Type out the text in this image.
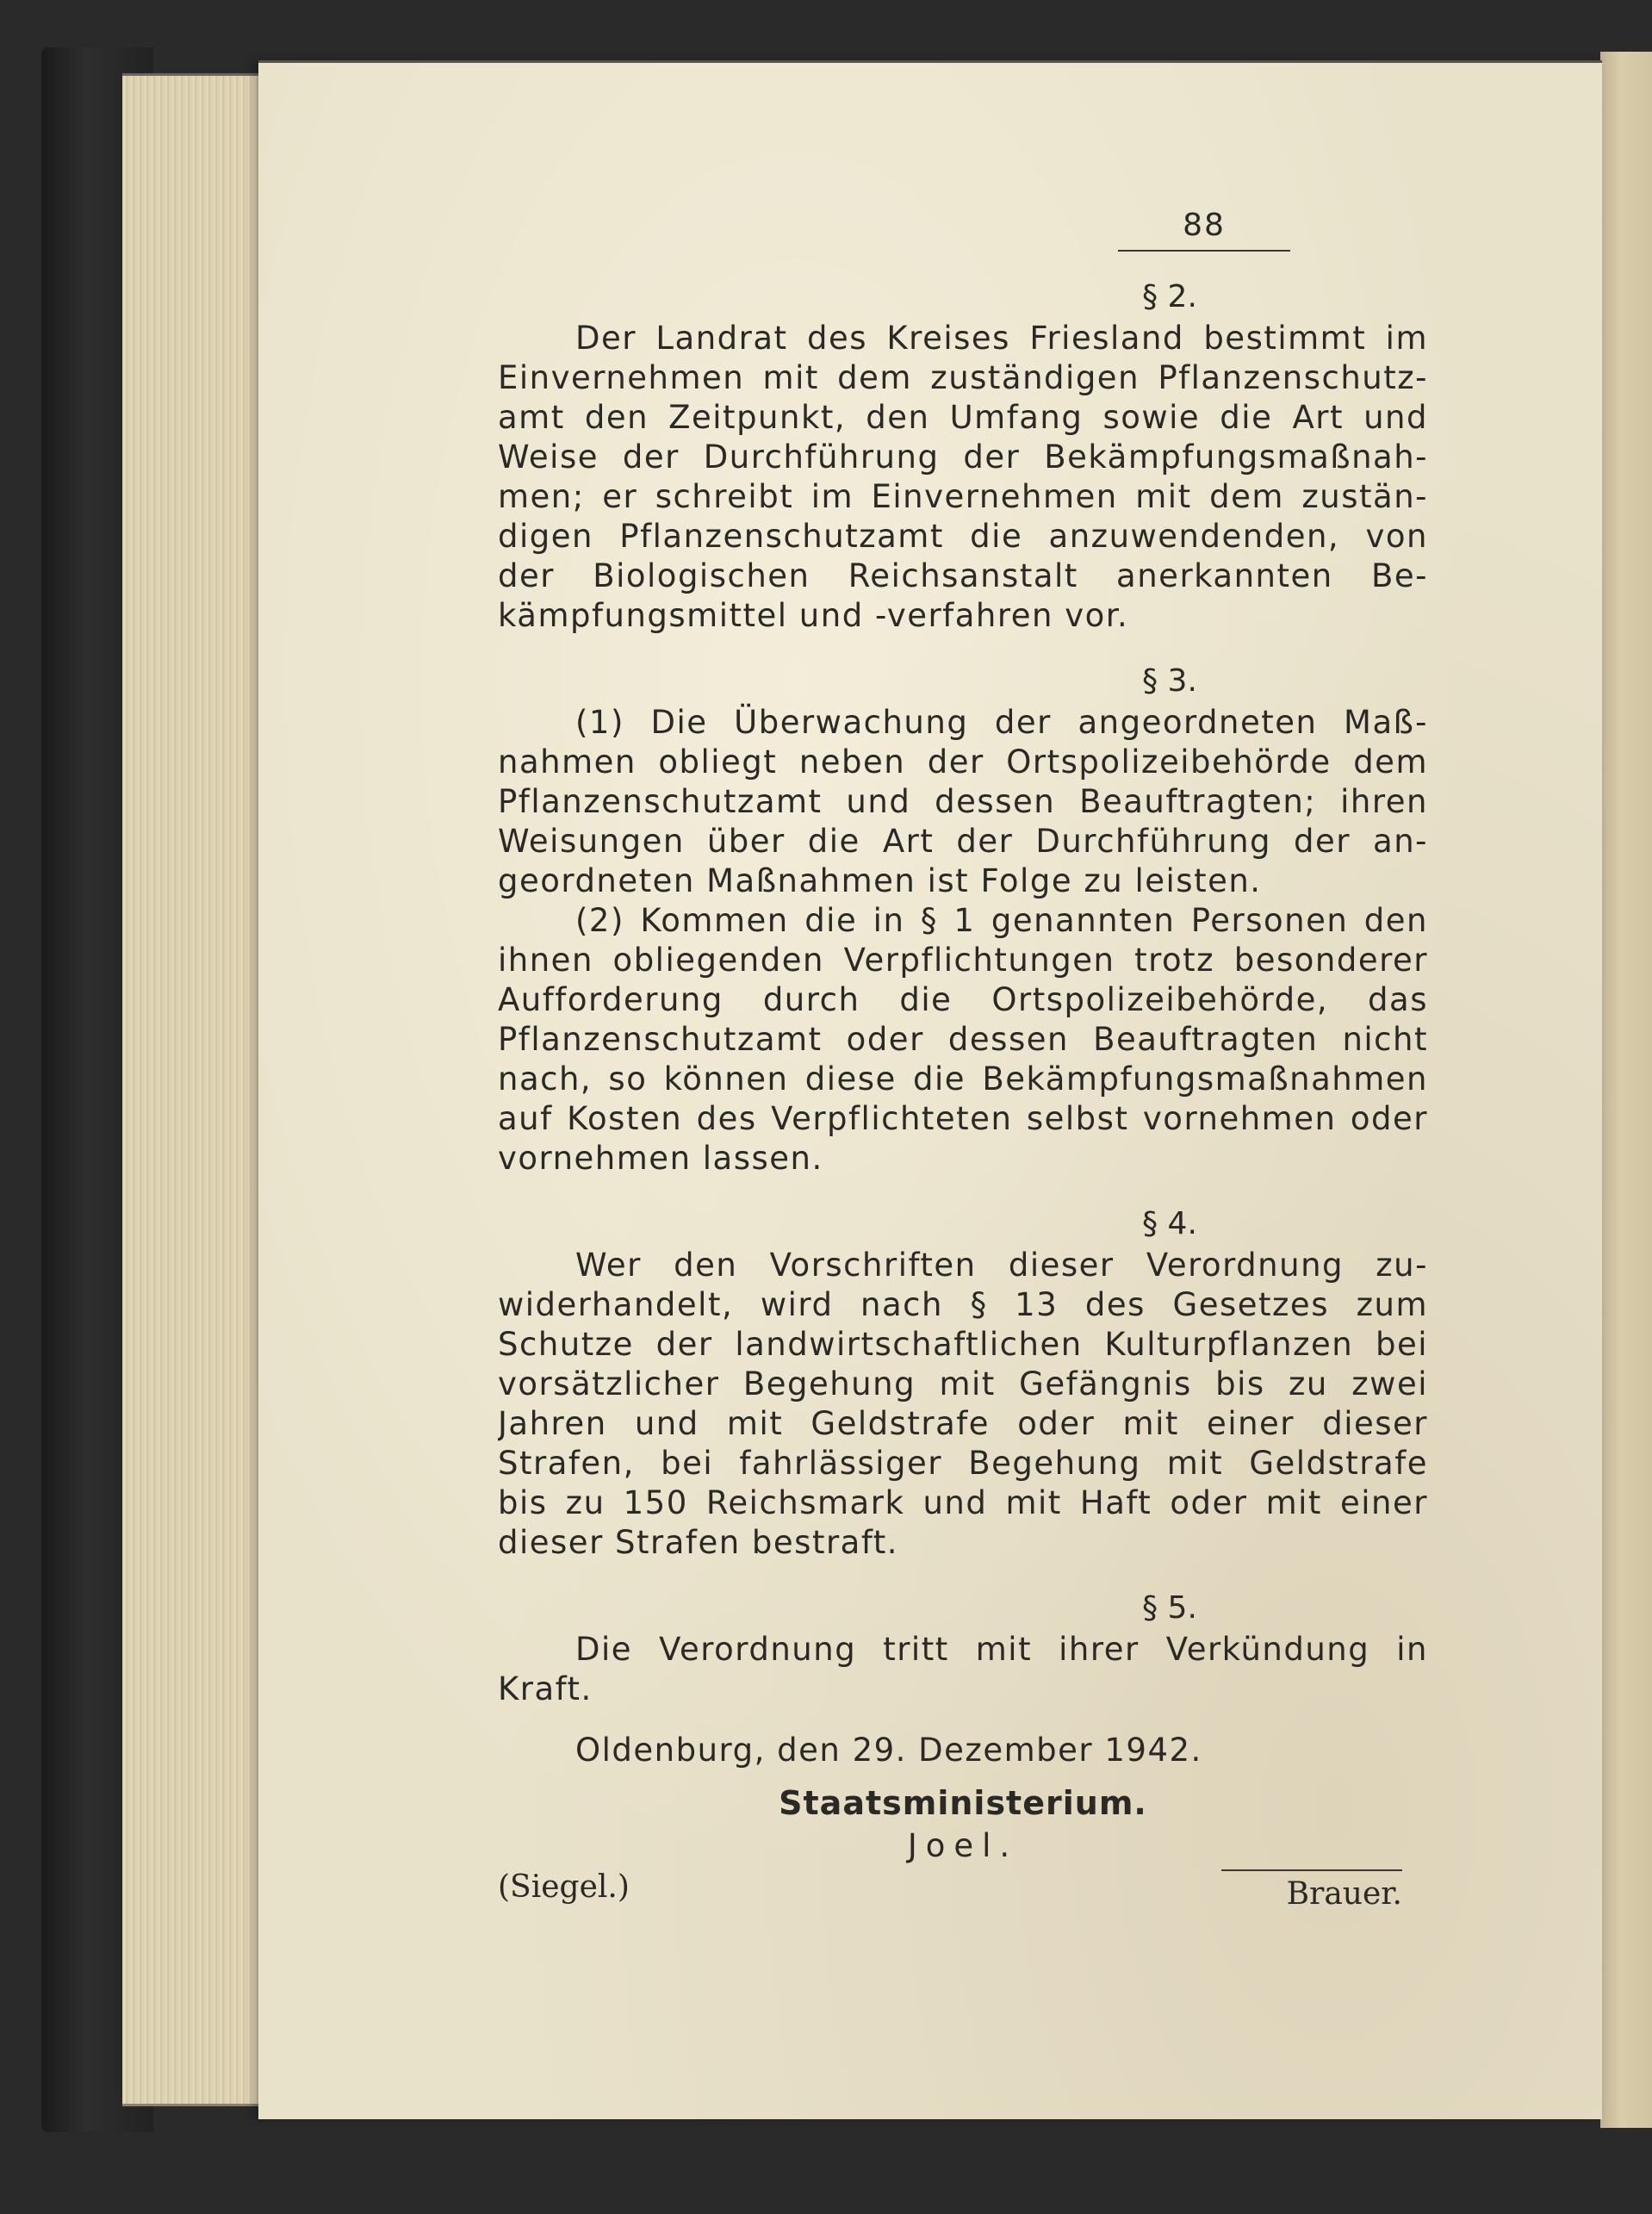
88
§ 2.
Der Landrat des Kreises Friesland bestimmt im
Einvernehmen mit dem zuständigen Pflanzenschutz-
amt den Zeitpunkt, den Umfang sowie die Art und
Weise der Durchführung der Bekämpfungsmaßnah-
men; er schreibt im Einvernehmen mit dem zustän-
digen Pflanzenschutzamt die anzuwendenden, von
der Biologischen Reichsanstalt anerkannten Be-
kämpfungsmittel und -verfahren vor.
§ 3.
(1) Die Überwachung der angeordneten Maß-
nahmen obliegt neben der Ortspolizeibehörde dem
Pflanzenschutzamt und dessen Beauftragten; ihren
Weisungen über die Art der Durchführung der an-
geordneten Maßnahmen ist Folge zu leisten.
(2) Kommen die in § 1 genannten Personen den
ihnen obliegenden Verpflichtungen trotz besonderer
Aufforderung durch die Ortspolizeibehörde, das
Pflanzenschutzamt oder dessen Beauftragten nicht
nach, so können diese die Bekämpfungsmaßnahmen
auf Kosten des Verpflichteten selbst vornehmen oder
vornehmen lassen.
§ 4.
Wer den Vorschriften dieser Verordnung zu-
widerhandelt, wird nach § 13 des Gesetzes zum
Schutze der landwirtschaftlichen Kulturpflanzen bei
vorsätzlicher Begehung mit Gefängnis bis zu zwei
Jahren und mit Geldstrafe oder mit einer dieser
Strafen, bei fahrlässiger Begehung mit Geldstrafe
bis zu 150 Reichsmark und mit Haft oder mit einer
dieser Strafen bestraft.
§ 5.
Die Verordnung tritt mit ihrer Verkündung in
Kraft.
Oldenburg, den 29. Dezember 1942.
Staatsministerium.
Joel.
(Siegel.)	Brauer.
